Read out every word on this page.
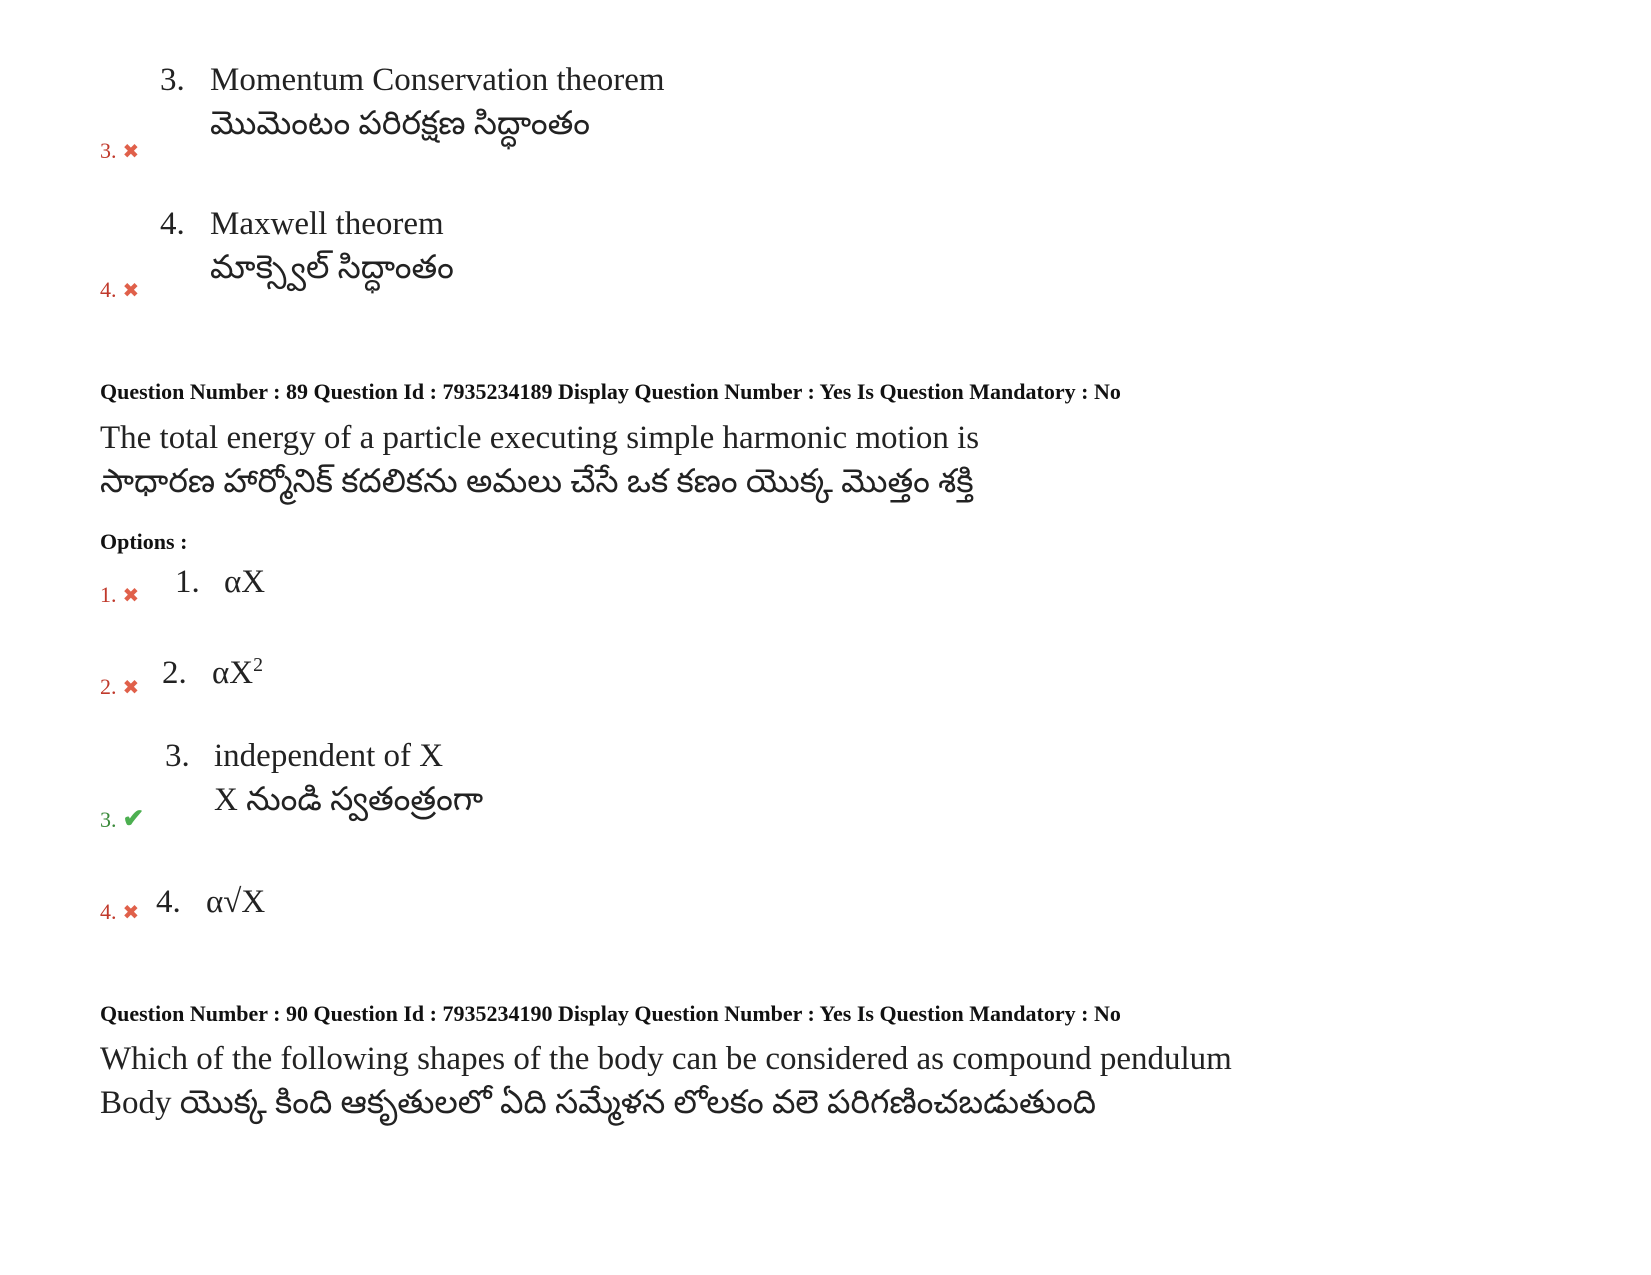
3. Momentum Conservation theorem
మొమెంటం పరిరక్షణ సిద్ధాంతం
3. ✖
4. Maxwell theorem
మాక్స్వెల్ సిద్ధాంతం
4. ✖
Question Number : 89 Question Id : 7935234189 Display Question Number : Yes Is Question Mandatory : No
The total energy of a particle executing simple harmonic motion is
సాధారణ హార్మోనిక్ కదలికను అమలు చేసే ఒక కణం యొక్క మొత్తం శక్తి
Options :
1. ✖ 1. αX
2. ✖ 2. $\alpha X^2$
3. independent of X
X నుండి స్వతంత్రంగా
3. ✔
4. ✖ 4. α√X
Question Number : 90 Question Id : 7935234190 Display Question Number : Yes Is Question Mandatory : No
Which of the following shapes of the body can be considered as compound pendulum
Body యొక్క కింది ఆకృతులలో ఏది సమ్మేళన లోలకం వలె పరిగణించబడుతుంది
